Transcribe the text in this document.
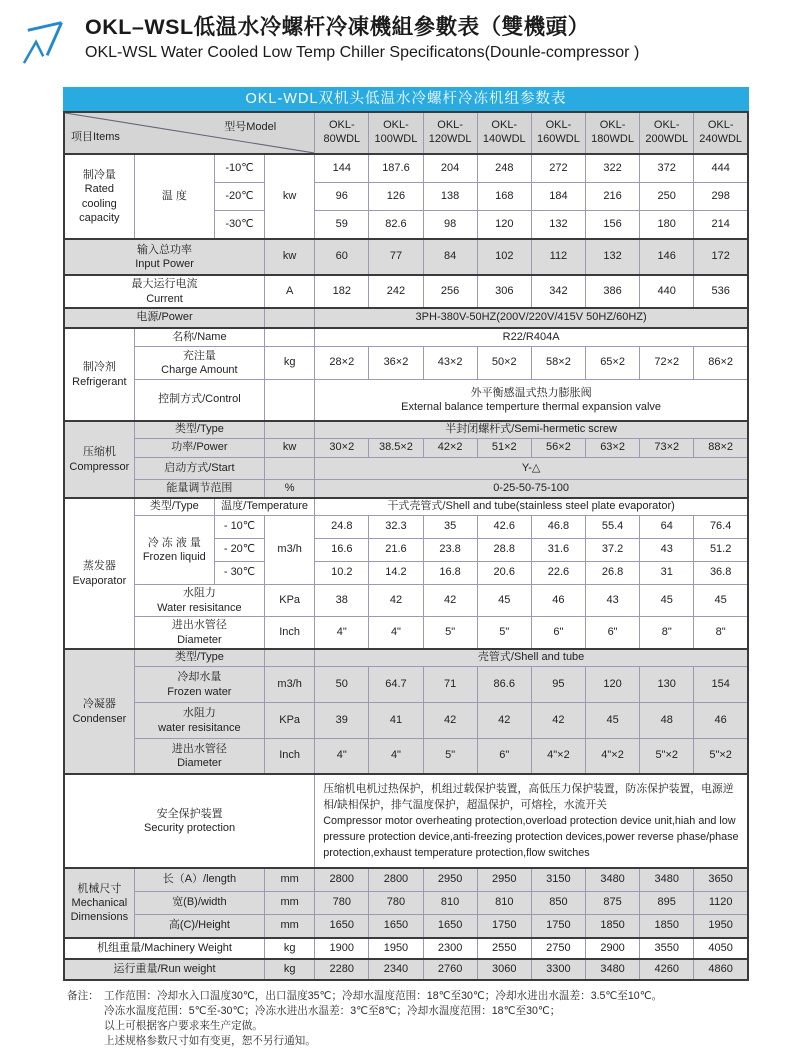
OKL–WSL低温水冷螺杆冷凍機組參數表（雙機頭）
OKL-WSL Water Cooled Low Temp Chiller Specificatons(Dounle-compressor )
OKL-WDL双机头低温水冷螺杆冷冻机组参数表
项目Items
型号Model				OKL-80WDL	OKL-100WDL	OKL-120WDL	OKL-140WDL	OKL-160WDL	OKL-180WDL	OKL-200WDL	OKL-240WDL

制冷量
Rated cooling capacity	温 度	-10℃	kw	144	187.6	204	248	272	322	372	444
		-20℃		96	126	138	168	184	216	250	298
		-30℃		59	82.6	98	120	132	156	180	214

输入总功率
Input Power			kw	60	77	84	102	112	132	146	172

最大运行电流
Current			A	182	242	256	306	342	386	440	536
电源/Power				3PH-380V-50HZ(200V/220V/415V 50HZ/60HZ)							

制冷剂
Refrigerant	名称/Name			R22/R404A							

	充注量
Charge Amount		kg	28×2	36×2	43×2	50×2	58×2	65×2	72×2	86×2
	控制方式/Control			外平衡感温式热力膨胀阀
External balance temperture thermal expansion valve							

压缩机
Compressor	类型/Type			半封闭螺杆式/Semi-hermetic screw							
	功率/Power		kw	30×2	38.5×2	42×2	51×2	56×2	63×2	73×2	88×2
	启动方式/Start			Y-△							
	能量调节范围		%	0-25-50-75-100							

蒸发器
Evaporator	类型/Type	温度/Temperature		干式壳管式/Shell and tube(stainless steel plate evaporator)							

	冷 冻 液 量
Frozen liquid	- 10℃	m3/h	24.8	32.3	35	42.6	46.8	55.4	64	76.4
		- 20℃		16.6	21.6	23.8	28.8	31.6	37.2	43	51.2
		- 30℃		10.2	14.2	16.8	20.6	22.6	26.8	31	36.8

	水阻力
Water resisitance		KPa	38	42	42	45	46	43	45	45

	进出水管径
Diameter		Inch	4"	4"	5"	5"	6"	6"	8"	8"

冷凝器
Condenser	类型/Type			壳管式/Shell and tube							

	冷却水量
Frozen water		m3/h	50	64.7	71	86.6	95	120	130	154

	水阻力
water resisitance		KPa	39	41	42	42	42	45	48	46

	进出水管径
Diameter		Inch	4"	4"	5"	6"	4"×2	4"×2	5"×2	5"×2

安全保护装置
Security protection

压缩机电机过热保护，机组过载保护装置，高低压力保护装置，防冻保护装置，电源逆相/缺相保护，排气温度保护，超温保护，可熔栓，水流开关
Compressor motor overheating protection,overload protection device unit,hiah and low pressure protection device,anti-freezing protection devices,power reverse phase/phase protection,exhaust temperature protection,flow switches

机械尺寸
Mechanical Dimensions	长（A）/length		mm	2800	2800	2950	2950	3150	3480	3480	3650
	宽(B)/width		mm	780	780	810	810	850	875	895	1120
	高(C)/Height		mm	1650	1650	1650	1750	1750	1850	1850	1950
机组重量/Machinery Weight			kg	1900	1950	2300	2550	2750	2900	3550	4050
运行重量/Run weight			kg	2280	2340	2760	3060	3300	3480	4260	4860
备注： 工作范围：冷却水入口温度30℃，出口温度35℃；冷却水温度范围：18℃至30℃；冷却水进出水温差：3.5℃至10℃。
冷冻水温度范围：5℃至-30℃；冷冻水进出水温差：3℃至8℃；冷却水温度范围：18℃至30℃；
以上可根据客户要求来生产定做。
上述规格参数尺寸如有变更，恕不另行通知。
